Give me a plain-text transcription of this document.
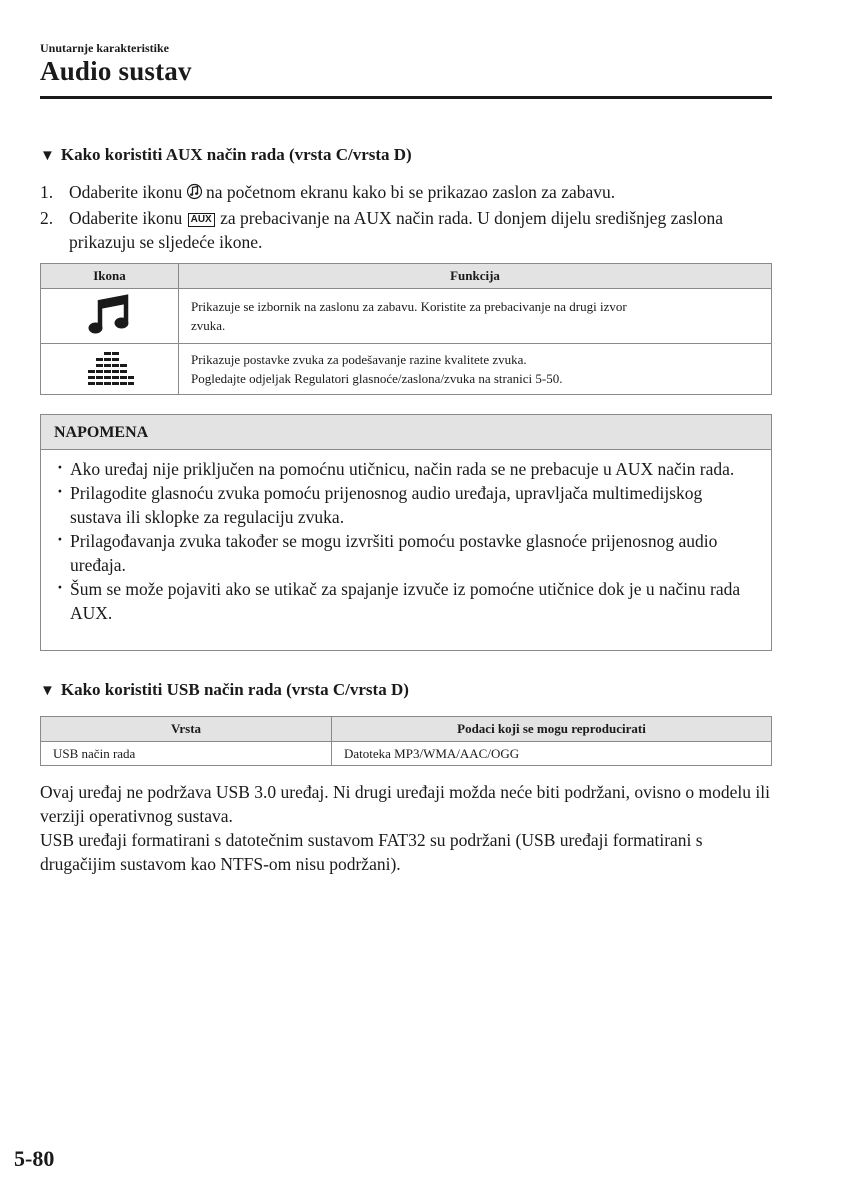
Unutarnje karakteristike
Audio sustav
▼ Kako koristiti AUX način rada (vrsta C/vrsta D)
1. Odaberite ikonu na početnom ekranu kako bi se prikazao zaslon za zabavu.
2. Odaberite ikonu AUX za prebacivanje na AUX način rada. U donjem dijelu središnjeg zaslona prikazuju se sljedeće ikone.
Ikona	Funkcija

Prikazuje se izbornik na zaslonu za zabavu. Koristite za prebacivanje na drugi izvor
zvuka.

Prikazuje postavke zvuka za podešavanje razine kvalitete zvuka.
Pogledajte odjeljak Regulatori glasnoće/zaslona/zvuka na stranici 5-50.
NAPOMENA
· Ako uređaj nije priključen na pomoćnu utičnicu, način rada se ne prebacuje u AUX način rada.
· Prilagodite glasnoću zvuka pomoću prijenosnog audio uređaja, upravljača multimedijskog sustava ili sklopke za regulaciju zvuka.
· Prilagođavanja zvuka također se mogu izvršiti pomoću postavke glasnoće prijenosnog audio uređaja.
· Šum se može pojaviti ako se utikač za spajanje izvuče iz pomoćne utičnice dok je u načinu rada AUX.
▼ Kako koristiti USB način rada (vrsta C/vrsta D)
Vrsta	Podaci koji se mogu reproducirati
USB način rada	Datoteka MP3/WMA/AAC/OGG

Ovaj uređaj ne podržava USB 3.0 uređaj. Ni drugi uređaji možda neće biti podržani, ovisno o modelu ili verziji operativnog sustava.

USB uređaji formatirani s datotečnim sustavom FAT32 su podržani (USB uređaji formatirani s drugačijim sustavom kao NTFS-om nisu podržani).

5-80
